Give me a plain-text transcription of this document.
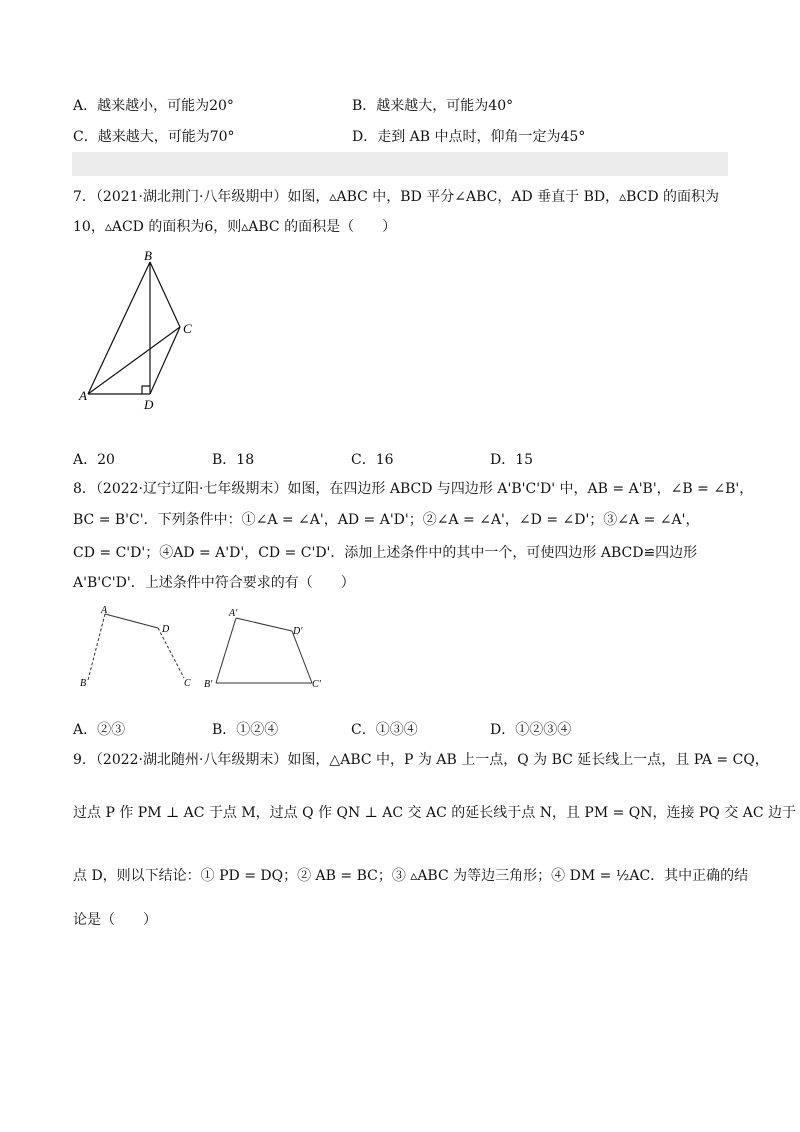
A．越来越小，可能为20°	B．越来越大，可能为40°
C．越来越大，可能为70°	D．走到 AB 中点时，仰角一定为45°
7．（2021·湖北荆门·八年级期中）如图，▵ABC 中，BD 平分∠ABC，AD 垂直于 BD，▵BCD 的面积为
10，▵ACD 的面积为6，则▵ABC 的面积是（　　）
B
C
A
D
A．20	B．18	C．16	D．15
8．（2022·辽宁辽阳·七年级期末）如图，在四边形 ABCD 与四边形 A'B'C'D' 中，AB = A'B'，∠B = ∠B'，
BC = B'C'．下列条件中：①∠A = ∠A'，AD = A'D'；②∠A = ∠A'，∠D = ∠D'；③∠A = ∠A'，
CD = C'D'；④AD = A'D'，CD = C'D'．添加上述条件中的其中一个，可使四边形 ABCD≌四边形
A'B'C'D'．上述条件中符合要求的有（　　）
A
D
B	C
A'
D'
B'	C'
A．②③	B．①②④	C．①③④	D．①②③④
9．（2022·湖北随州·八年级期末）如图，△ABC 中，P 为 AB 上一点，Q 为 BC 延长线上一点，且 PA = CQ，
过点 P 作 PM ⊥ AC 于点 M，过点 Q 作 QN ⊥ AC 交 AC 的延长线于点 N，且 PM = QN，连接 PQ 交 AC 边于
点 D，则以下结论：① PD = DQ；② AB = BC；③ ▵ABC 为等边三角形；④ DM = ½AC．其中正确的结
论是（　　）
